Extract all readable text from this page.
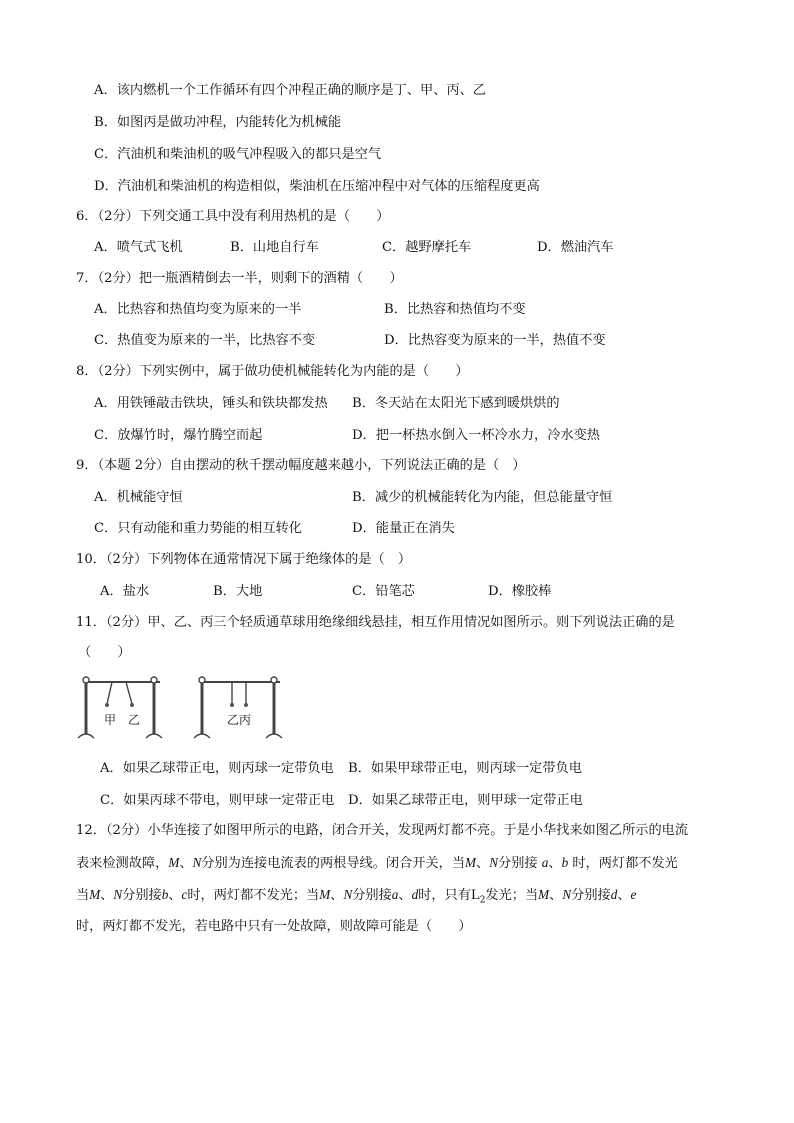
A．该内燃机一个工作循环有四个冲程正确的顺序是丁、甲、丙、乙
B．如图丙是做功冲程，内能转化为机械能
C．汽油机和柴油机的吸气冲程吸入的都只是空气
D．汽油机和柴油机的构造相似，柴油机在压缩冲程中对气体的压缩程度更高
6．（2分）下列交通工具中没有利用热机的是（　　）
A．喷气式飞机	B．山地自行车	C．越野摩托车	D．燃油汽车
7．（2分）把一瓶酒精倒去一半，则剩下的酒精（　　）
A．比热容和热值均变为原来的一半	B．比热容和热值均不变
C．热值变为原来的一半，比热容不变	D．比热容变为原来的一半，热值不变
8．（2分）下列实例中，属于做功使机械能转化为内能的是（　　）
A．用铁锤敲击铁块，锤头和铁块都发热 B．冬天站在太阳光下感到暖烘烘的
C．放爆竹时，爆竹腾空而起	D．把一杯热水倒入一杯冷水力，冷水变热
9．（本题 2分）自由摆动的秋千摆动幅度越来越小，下列说法正确的是（　）
A．机械能守恒	B．减少的机械能转化为内能，但总能量守恒
C．只有动能和重力势能的相互转化	D．能量正在消失
10．（2分）下列物体在通常情况下属于绝缘体的是（　）
A．盐水	B．大地	C．铅笔芯	D．橡胶棒
11．（2分）甲、乙、丙三个轻质通草球用绝缘细线悬挂，相互作用情况如图所示。则下列说法正确的是
（　　）
甲　乙	乙丙
A．如果乙球带正电，则丙球一定带负电 B．如果甲球带正电，则丙球一定带负电
C．如果丙球不带电，则甲球一定带正电 D．如果乙球带正电，则甲球一定带正电
12．（2分）小华连接了如图甲所示的电路，闭合开关，发现两灯都不亮。于是小华找来如图乙所示的电流
表来检测故障，M、N分别为连接电流表的两根导线。闭合开关，当M、N分别接 a、b 时，两灯都不发光
当M、N分别接b、c时，两灯都不发光；当M、N分别接a、d时，只有$L_2$发光；当M、N分别接d、e
时，两灯都不发光，若电路中只有一处故障，则故障可能是（　　）
